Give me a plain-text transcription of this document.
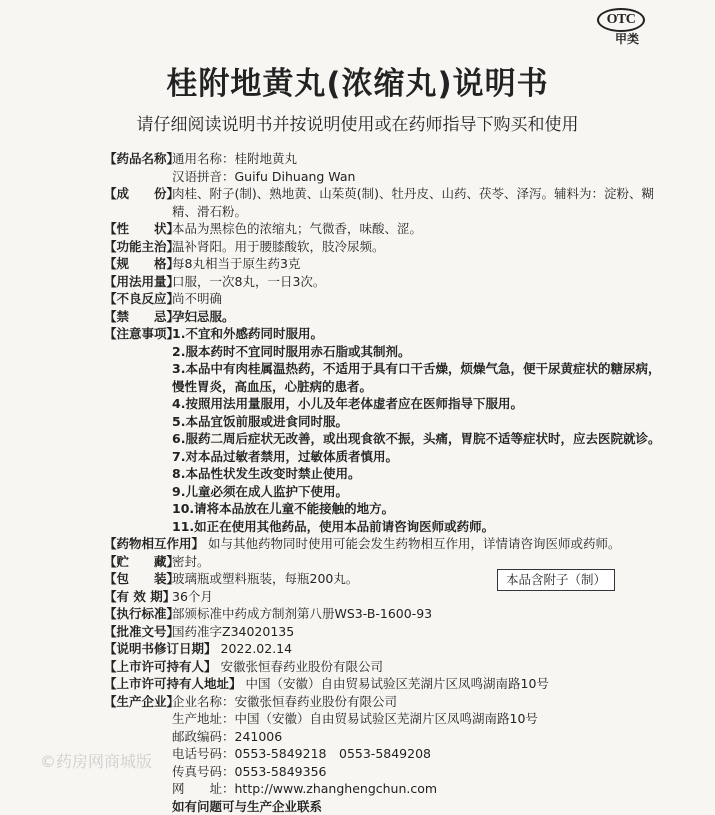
OTC
甲类
桂附地黄丸(浓缩丸)说明书
请仔细阅读说明书并按说明使用或在药师指导下购买和使用
【药品名称】
通用名称：桂附地黄丸
汉语拼音：Guifu Dihuang Wan
【成　　份】
肉桂、附子(制)、熟地黄、山茱萸(制)、牡丹皮、山药、茯苓、泽泻。辅料为：淀粉、糊精、滑石粉。
【性　　状】
本品为黑棕色的浓缩丸；气微香，味酸、涩。
【功能主治】
温补肾阳。用于腰膝酸软，肢冷尿频。
【规　　格】
每8丸相当于原生药3克
【用法用量】
口服，一次8丸，一日3次。
【不良反应】
尚不明确
【禁　　忌】
孕妇忌服。
【注意事项】
1.不宜和外感药同时服用。
2.服本药时不宜同时服用赤石脂或其制剂。
3.本品中有肉桂属温热药，不适用于具有口干舌燥，烦燥气急，便干尿黄症状的糖尿病，慢性胃炎，高血压，心脏病的患者。
4.按照用法用量服用，小儿及年老体虚者应在医师指导下服用。
5.本品宜饭前服或进食同时服。
6.服药二周后症状无改善，或出现食欲不振，头痛，胃脘不适等症状时，应去医院就诊。
7.对本品过敏者禁用，过敏体质者慎用。
8.本品性状发生改变时禁止使用。
9.儿童必须在成人监护下使用。
10.请将本品放在儿童不能接触的地方。
11.如正在使用其他药品，使用本品前请咨询医师或药师。
【药物相互作用】 如与其他药物同时使用可能会发生药物相互作用，详情请咨询医师或药师。
【贮　　藏】
密封。
【包　　装】
玻璃瓶或塑料瓶装，每瓶200丸。
【有 效 期】
36个月
【执行标准】
部颁标准中药成方制剂第八册WS3-B-1600-93
【批准文号】
国药准字Z34020135
【说明书修订日期】 2022.02.14
【上市许可持有人】 安徽张恒春药业股份有限公司
【上市许可持有人地址】 中国（安徽）自由贸易试验区芜湖片区凤鸣湖南路10号
【生产企业】
企业名称：安徽张恒春药业股份有限公司
生产地址：中国（安徽）自由贸易试验区芜湖片区凤鸣湖南路10号
邮政编码：241006
电话号码：0553-5849218　0553-5849208
传真号码：0553-5849356
网　　址：http://www.zhanghengchun.com
如有问题可与生产企业联系
本品含附子（制）
©药房网商城版
